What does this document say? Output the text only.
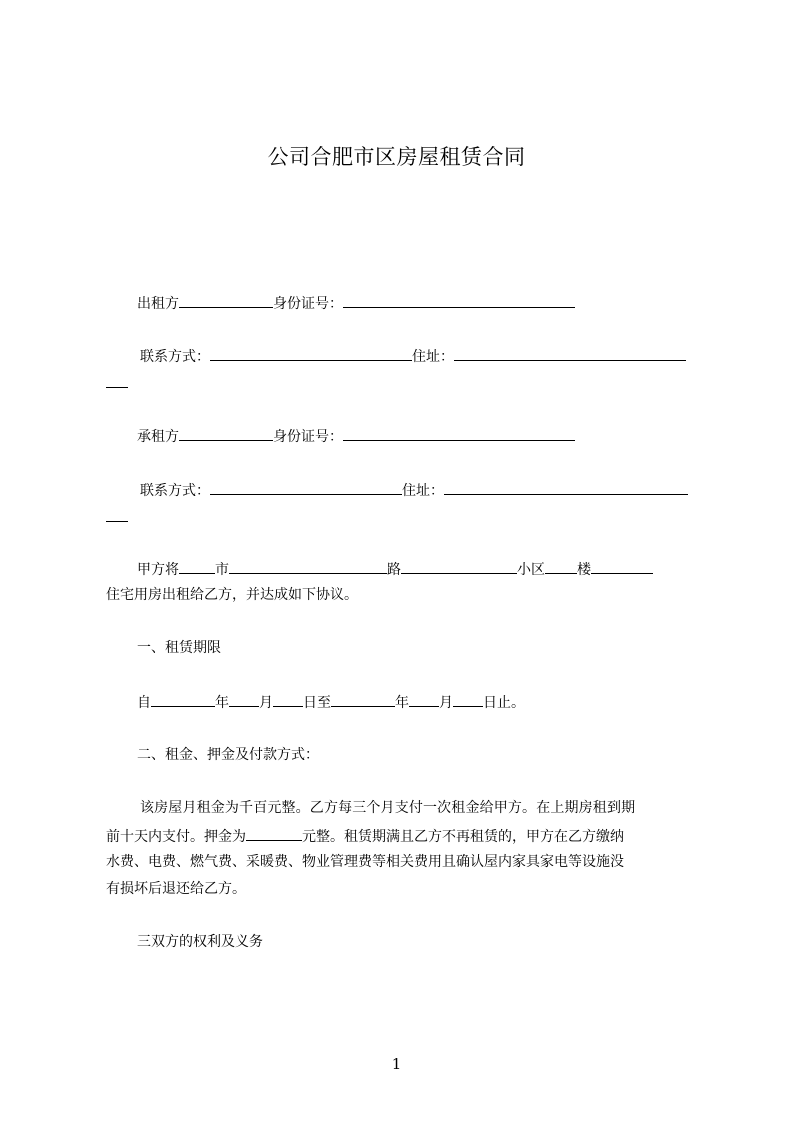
公司合肥市区房屋租赁合同
出租方	身份证号：
联系方式：	住址：
承租方	身份证号：
联系方式：	住址：
甲方将	市	路	小区 楼
住宅用房出租给乙方，并达成如下协议。
一、租赁期限
自	年 月 日至	年 月 日止。
二、租金、押金及付款方式：
该房屋月租金为千百元整。乙方每三个月支付一次租金给甲方。在上期房租到期
前十天内支付。押金为	元整。租赁期满且乙方不再租赁的，甲方在乙方缴纳
水费、电费、燃气费、采暖费、物业管理费等相关费用且确认屋内家具家电等设施没
有损坏后退还给乙方。
三双方的权利及义务
1
